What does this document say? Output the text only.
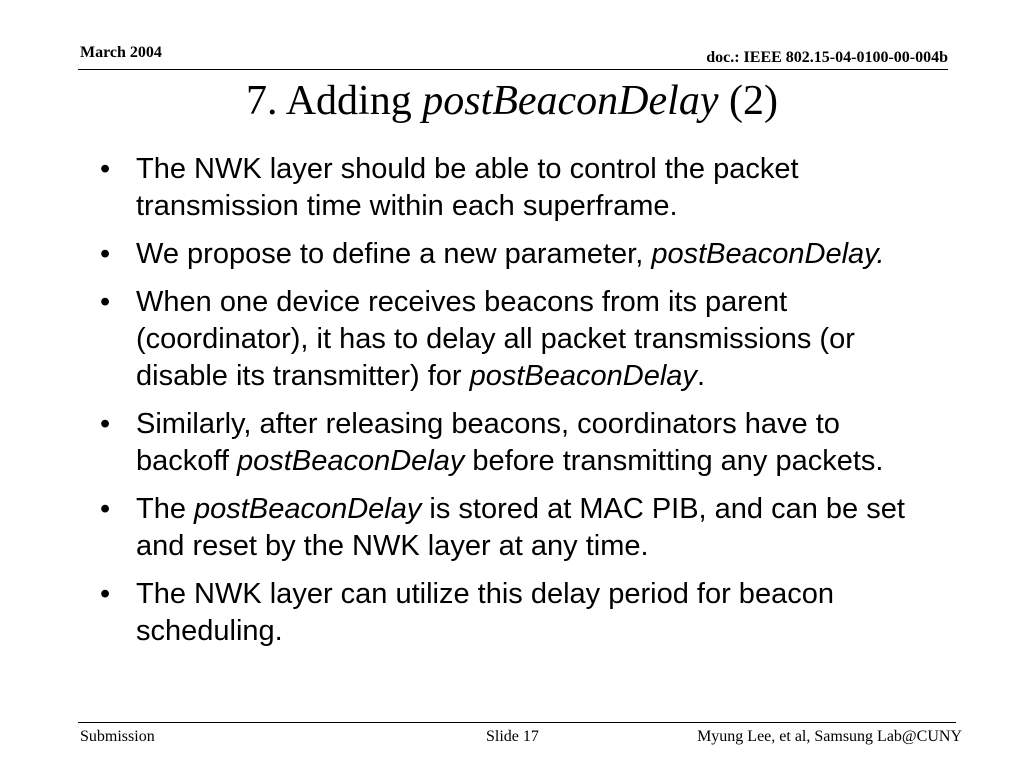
March 2004	doc.: IEEE 802.15-04-0100-00-004b
7. Adding postBeaconDelay (2)
• The NWK layer should be able to control the packet transmission time within each superframe.
• We propose to define a new parameter, postBeaconDelay.
• When one device receives beacons from its parent (coordinator), it has to delay all packet transmissions (or disable its transmitter) for postBeaconDelay.
• Similarly, after releasing beacons, coordinators have to backoff postBeaconDelay before transmitting any packets.
• The postBeaconDelay is stored at MAC PIB, and can be set and reset by the NWK layer at any time.
• The NWK layer can utilize this delay period for beacon scheduling.
Submission	Slide 17	Myung Lee, et al, Samsung Lab@CUNY
